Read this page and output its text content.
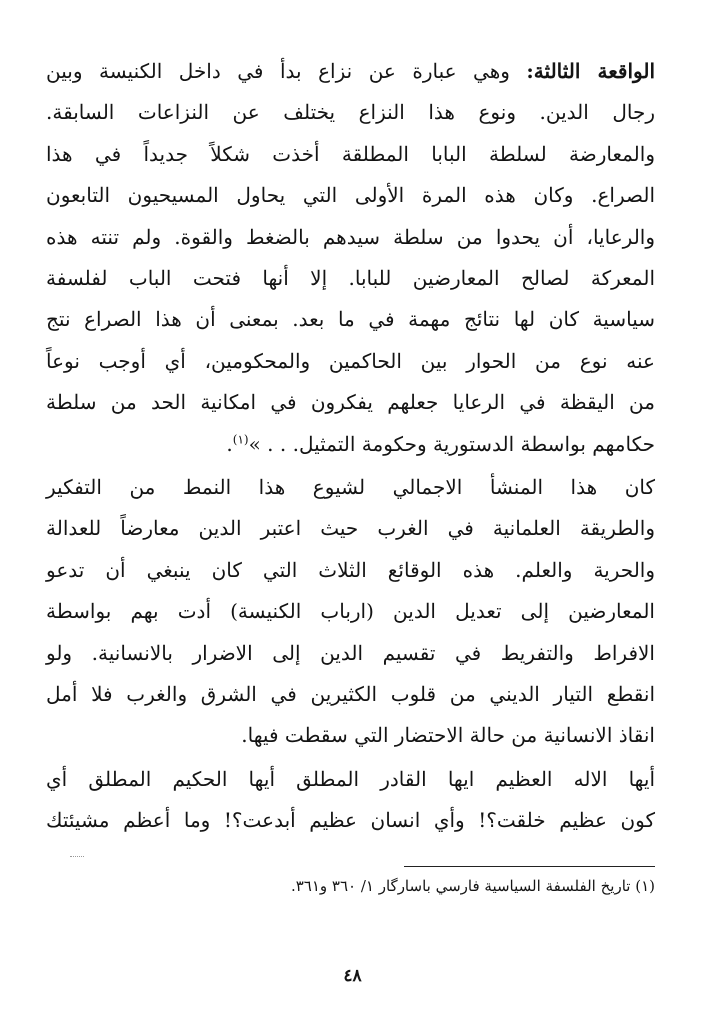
الواقعة الثالثة: وهي عبارة عن نزاع بدأ في داخل الكنيسة وبين
رجال الدين. ونوع هذا النزاع يختلف عن النزاعات السابقة.
والمعارضة لسلطة البابا المطلقة أخذت شكلاً جديداً في هذا
الصراع. وكان هذه المرة الأولى التي يحاول المسيحيون التابعون
والرعايا، أن يحدوا من سلطة سيدهم بالضغط والقوة. ولم تنته هذه
المعركة لصالح المعارضين للبابا. إلا أنها فتحت الباب لفلسفة
سياسية كان لها نتائج مهمة في ما بعد. بمعنى أن هذا الصراع نتج
عنه نوع من الحوار بين الحاكمين والمحكومين، أي أوجب نوعاً
من اليقظة في الرعايا جعلهم يفكرون في امكانية الحد من سلطة
حكامهم بواسطة الدستورية وحكومة التمثيل. . . »$^{(١)}$.
كان هذا المنشأ الاجمالي لشيوع هذا النمط من التفكير
والطريقة العلمانية في الغرب حيث اعتبر الدين معارضاً للعدالة
والحرية والعلم. هذه الوقائع الثلاث التي كان ينبغي أن تدعو
المعارضين إلى تعديل الدين (ارباب الكنيسة) أدت بهم بواسطة
الافراط والتفريط في تقسيم الدين إلى الاضرار بالانسانية. ولو
انقطع التيار الديني من قلوب الكثيرين في الشرق والغرب فلا أمل
انقاذ الانسانية من حالة الاحتضار التي سقطت فيها.
أيها الاله العظيم ايها القادر المطلق أيها الحكيم المطلق أي
كون عظيم خلقت؟! وأي انسان عظيم أبدعت؟! وما أعظم مشيئتك
(١) تاريخ الفلسفة السياسية فارسي باسارگار ١/ ٣٦٠ و٣٦١.
٤٨
